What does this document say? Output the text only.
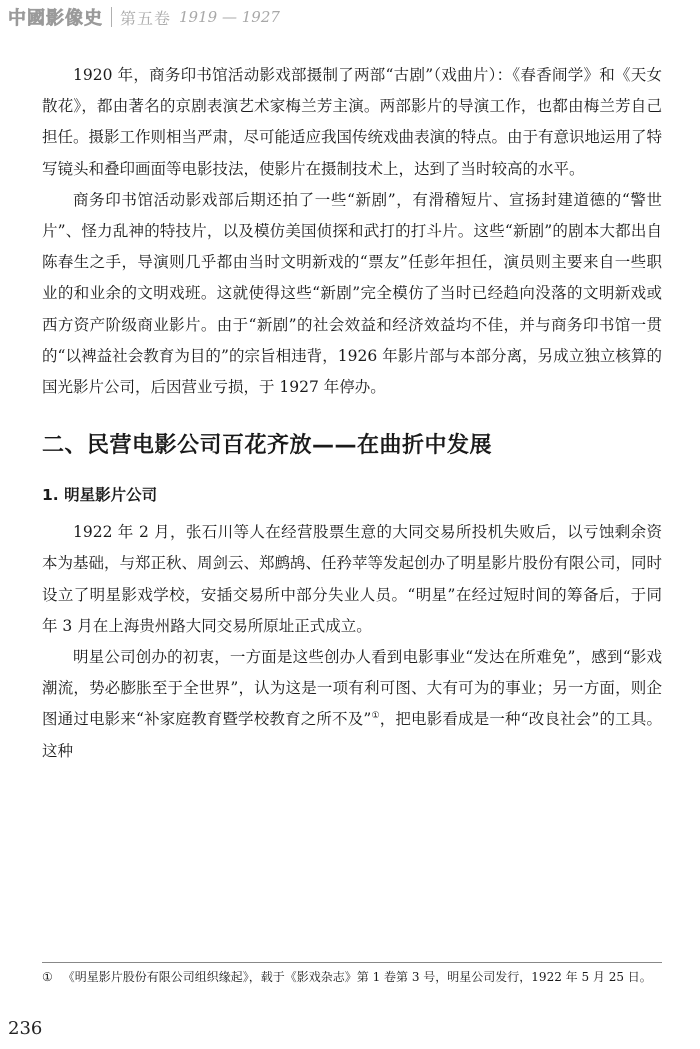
中國影像史 第五卷 1919 — 1927

1920 年，商务印书馆活动影戏部摄制了两部“古剧”（戏曲片）：《春香闹学》和《天女散花》，都由著名的京剧表演艺术家梅兰芳主演。两部影片的导演工作，也都由梅兰芳自己担任。摄影工作则相当严肃，尽可能适应我国传统戏曲表演的特点。由于有意识地运用了特写镜头和叠印画面等电影技法，使影片在摄制技术上，达到了当时较高的水平。

商务印书馆活动影戏部后期还拍了一些“新剧”，有滑稽短片、宣扬封建道德的“警世片”、怪力乱神的特技片，以及模仿美国侦探和武打的打斗片。这些“新剧”的剧本大都出自陈春生之手，导演则几乎都由当时文明新戏的“票友”任彭年担任，演员则主要来自一些职业的和业余的文明戏班。这就使得这些“新剧”完全模仿了当时已经趋向没落的文明新戏或西方资产阶级商业影片。由于“新剧”的社会效益和经济效益均不佳，并与商务印书馆一贯的“以裨益社会教育为目的”的宗旨相违背，1926 年影片部与本部分离，另成立独立核算的国光影片公司，后因营业亏损，于 1927 年停办。

二、民营电影公司百花齐放——在曲折中发展
1. 明星影片公司

1922 年 2 月，张石川等人在经营股票生意的大同交易所投机失败后，以亏蚀剩余资本为基础，与郑正秋、周剑云、郑鹧鸪、任矜苹等发起创办了明星影片股份有限公司，同时设立了明星影戏学校，安插交易所中部分失业人员。“明星”在经过短时间的筹备后，于同年 3 月在上海贵州路大同交易所原址正式成立。

明星公司创办的初衷，一方面是这些创办人看到电影事业“发达在所难免”，感到“影戏潮流，势必膨胀至于全世界”，认为这是一项有利可图、大有可为的事业；另一方面，则企图通过电影来“补家庭教育暨学校教育之所不及”①，把电影看成是一种“改良社会”的工具。这种

① 《明星影片股份有限公司组织缘起》，载于《影戏杂志》第 1 卷第 3 号，明星公司发行，1922 年 5 月 25 日。
236
